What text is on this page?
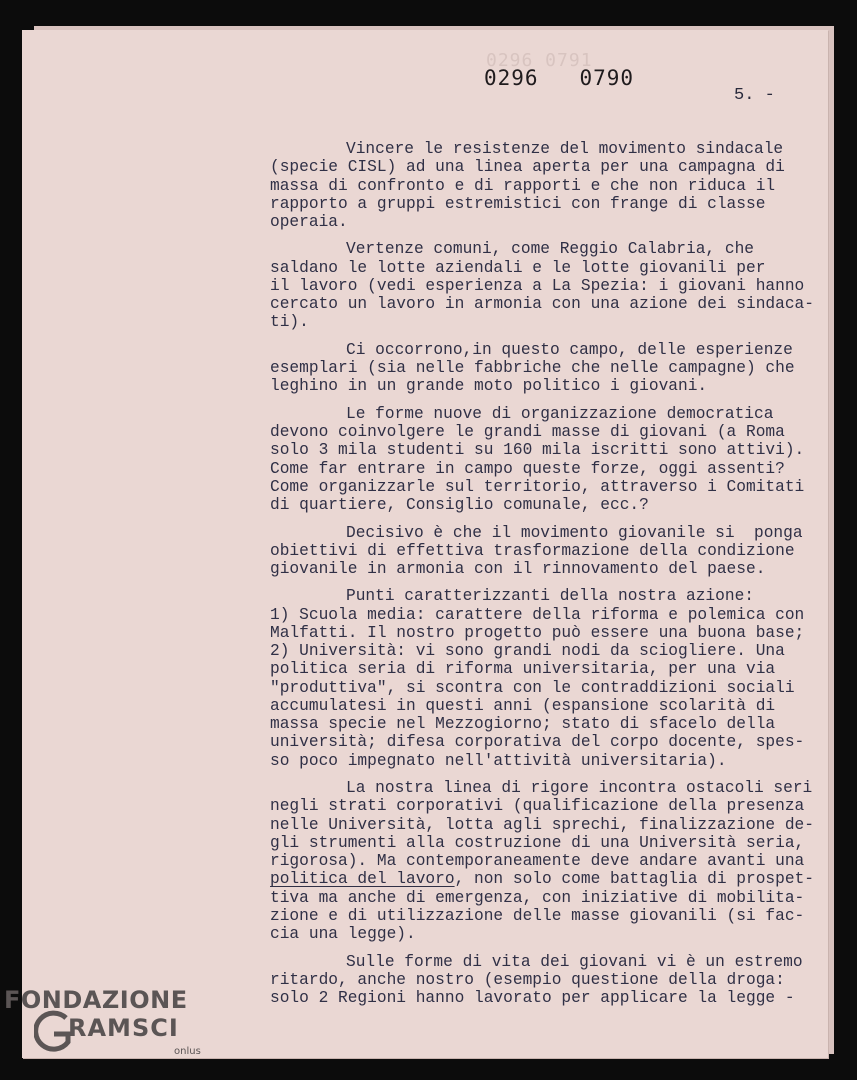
0296 0791
0296   0790
5. -
Vincere le resistenze del movimento sindacale
(specie CISL) ad una linea aperta per una campagna di
massa di confronto e di rapporti e che non riduca il
rapporto a gruppi estremistici con frange di classe
operaia.
Vertenze comuni, come Reggio Calabria, che
saldano le lotte aziendali e le lotte giovanili per
il lavoro (vedi esperienza a La Spezia: i giovani hanno
cercato un lavoro in armonia con una azione dei sindaca-
ti).
Ci occorrono,in questo campo, delle esperienze
esemplari (sia nelle fabbriche che nelle campagne) che
leghino in un grande moto politico i giovani.
Le forme nuove di organizzazione democratica
devono coinvolgere le grandi masse di giovani (a Roma
solo 3 mila studenti su 160 mila iscritti sono attivi).
Come far entrare in campo queste forze, oggi assenti?
Come organizzarle sul territorio, attraverso i Comitati
di quartiere, Consiglio comunale, ecc.?
Decisivo è che il movimento giovanile si  ponga
obiettivi di effettiva trasformazione della condizione
giovanile in armonia con il rinnovamento del paese.
Punti caratterizzanti della nostra azione:
1) Scuola media: carattere della riforma e polemica con
Malfatti. Il nostro progetto può essere una buona base;
2) Università: vi sono grandi nodi da sciogliere. Una
politica seria di riforma universitaria, per una via
"produttiva", si scontra con le contraddizioni sociali
accumulatesi in questi anni (espansione scolarità di
massa specie nel Mezzogiorno; stato di sfacelo della
università; difesa corporativa del corpo docente, spes-
so poco impegnato nell'attività universitaria).
La nostra linea di rigore incontra ostacoli seri
negli strati corporativi (qualificazione della presenza
nelle Università, lotta agli sprechi, finalizzazione de-
gli strumenti alla costruzione di una Università seria,
rigorosa). Ma contemporaneamente deve andare avanti una
politica del lavoro, non solo come battaglia di prospet-
tiva ma anche di emergenza, con iniziative di mobilita-
zione e di utilizzazione delle masse giovanili (si fac-
cia una legge).
Sulle forme di vita dei giovani vi è un estremo
ritardo, anche nostro (esempio questione della droga:
solo 2 Regioni hanno lavorato per applicare la legge -
FONDAZIONE
RAMSCI
onlus
